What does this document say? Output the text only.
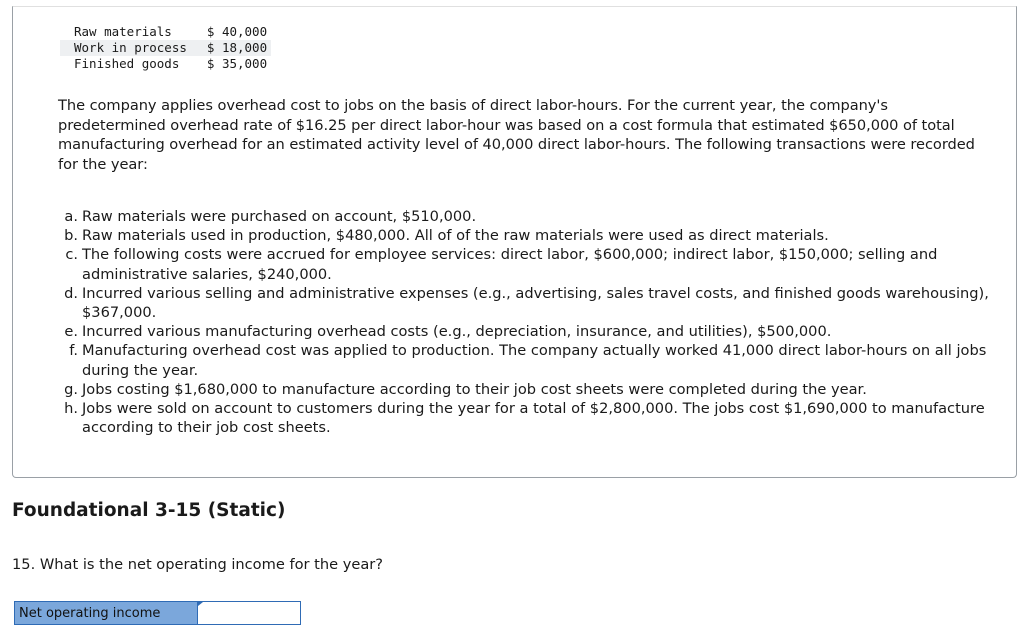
Raw materials	$ 40,000
Work in process	$ 18,000
Finished goods	$ 35,000

The company applies overhead cost to jobs on the basis of direct labor-hours. For the current year, the company's predetermined overhead rate of $16.25 per direct labor-hour was based on a cost formula that estimated $650,000 of total manufacturing overhead for an estimated activity level of 40,000 direct labor-hours. The following transactions were recorded for the year:

a. Raw materials were purchased on account, $510,000.
b. Raw materials used in production, $480,000. All of of the raw materials were used as direct materials.
c. The following costs were accrued for employee services: direct labor, $600,000; indirect labor, $150,000; selling and administrative salaries, $240,000.
d. Incurred various selling and administrative expenses (e.g., advertising, sales travel costs, and finished goods warehousing), $367,000.
e. Incurred various manufacturing overhead costs (e.g., depreciation, insurance, and utilities), $500,000.
f. Manufacturing overhead cost was applied to production. The company actually worked 41,000 direct labor-hours on all jobs during the year.
g. Jobs costing $1,680,000 to manufacture according to their job cost sheets were completed during the year.
h. Jobs were sold on account to customers during the year for a total of $2,800,000. The jobs cost $1,690,000 to manufacture according to their job cost sheets.
Foundational 3-15 (Static)

15. What is the net operating income for the year?

Net operating income	
